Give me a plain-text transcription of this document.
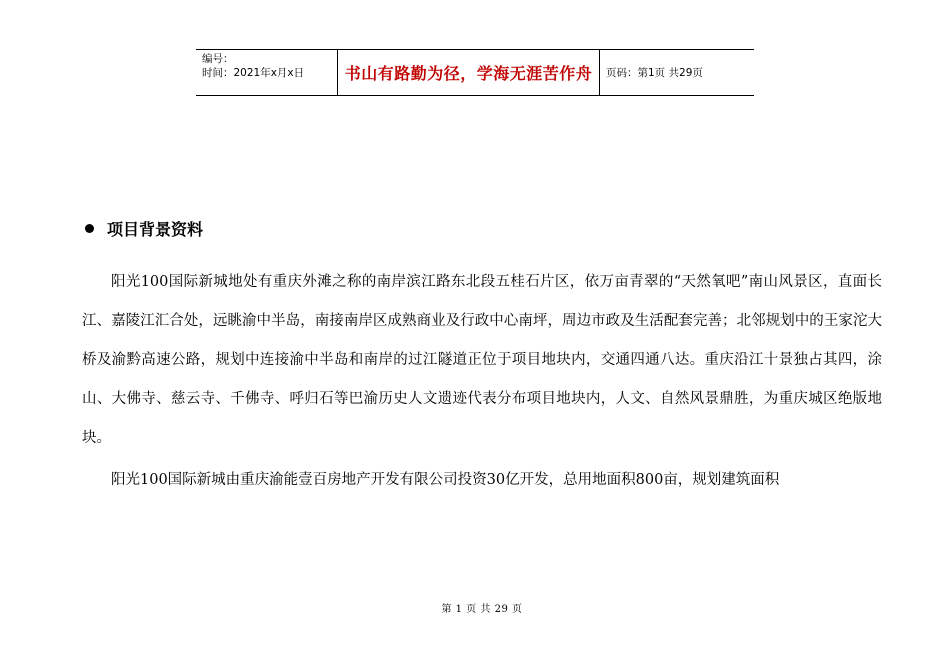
编号：
时间：2021年x月x日	书山有路勤为径，学海无涯苦作舟 页码：第1页 共29页
项目背景资料

阳光100国际新城地处有重庆外滩之称的南岸滨江路东北段五桂石片区，依万亩青翠的“天然氧吧”南山风景区，直面长江、嘉陵江汇合处，远眺渝中半岛，南接南岸区成熟商业及行政中心南坪，周边市政及生活配套完善；北邻规划中的王家沱大桥及渝黔高速公路，规划中连接渝中半岛和南岸的过江隧道正位于项目地块内，交通四通八达。重庆沿江十景独占其四，涂山、大佛寺、慈云寺、千佛寺、呼归石等巴渝历史人文遗迹代表分布项目地块内，人文、自然风景鼎胜，为重庆城区绝版地块。

阳光100国际新城由重庆渝能壹百房地产开发有限公司投资30亿开发，总用地面积800亩，规划建筑面积

第 1 页 共 29 页
